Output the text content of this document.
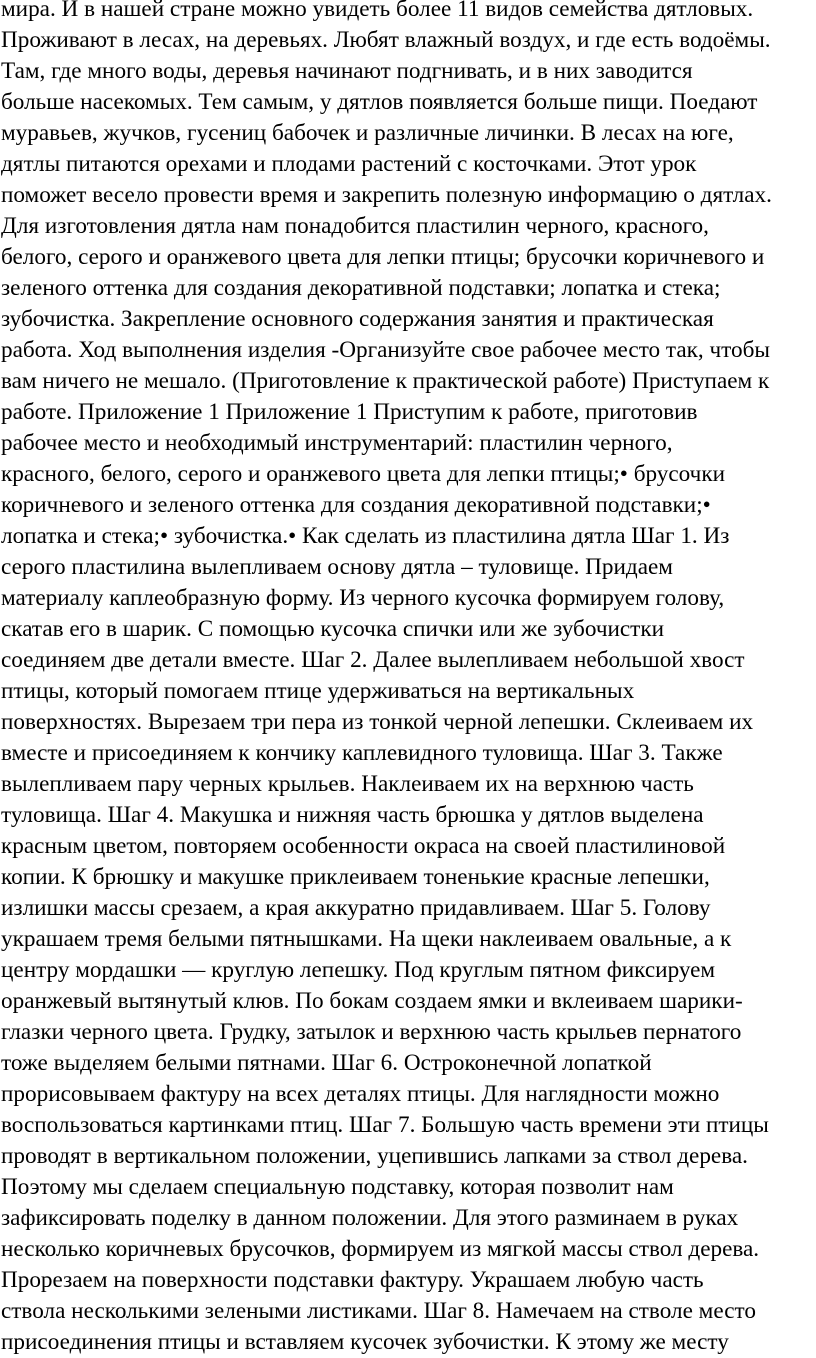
мира. И в нашей стране можно увидеть более 11 видов семейства дятловых.
Проживают в лесах, на деревьях. Любят влажный воздух, и где есть водоёмы.
Там, где много воды, деревья начинают подгнивать, и в них заводится
больше насекомых. Тем самым, у дятлов появляется больше пищи. Поедают
муравьев, жучков, гусениц бабочек и различные личинки. В лесах на юге,
дятлы питаются орехами и плодами растений с косточками. Этот урок
поможет весело провести время и закрепить полезную информацию о дятлах.
Для изготовления дятла нам понадобится пластилин черного, красного,
белого, серого и оранжевого цвета для лепки птицы; брусочки коричневого и
зеленого оттенка для создания декоративной подставки; лопатка и стека;
зубочистка. Закрепление основного содержания занятия и практическая
работа. Ход выполнения изделия -Организуйте свое рабочее место так, чтобы
вам ничего не мешало. (Приготовление к практической работе) Приступаем к
работе. Приложение 1 Приложение 1 Приступим к работе, приготовив
рабочее место и необходимый инструментарий: пластилин черного,
красного, белого, серого и оранжевого цвета для лепки птицы;• брусочки
коричневого и зеленого оттенка для создания декоративной подставки;•
лопатка и стека;• зубочистка.• Как сделать из пластилина дятла Шаг 1. Из
серого пластилина вылепливаем основу дятла – туловище. Придаем
материалу каплеобразную форму. Из черного кусочка формируем голову,
скатав его в шарик. С помощью кусочка спички или же зубочистки
соединяем две детали вместе. Шаг 2. Далее вылепливаем небольшой хвост
птицы, который помогаем птице удерживаться на вертикальных
поверхностях. Вырезаем три пера из тонкой черной лепешки. Склеиваем их
вместе и присоединяем к кончику каплевидного туловища. Шаг 3. Также
вылепливаем пару черных крыльев. Наклеиваем их на верхнюю часть
туловища. Шаг 4. Макушка и нижняя часть брюшка у дятлов выделена
красным цветом, повторяем особенности окраса на своей пластилиновой
копии. К брюшку и макушке приклеиваем тоненькие красные лепешки,
излишки массы срезаем, а края аккуратно придавливаем. Шаг 5. Голову
украшаем тремя белыми пятнышками. На щеки наклеиваем овальные, а к
центру мордашки — круглую лепешку. Под круглым пятном фиксируем
оранжевый вытянутый клюв. По бокам создаем ямки и вклеиваем шарики-
глазки черного цвета. Грудку, затылок и верхнюю часть крыльев пернатого
тоже выделяем белыми пятнами. Шаг 6. Остроконечной лопаткой
прорисовываем фактуру на всех деталях птицы. Для наглядности можно
воспользоваться картинками птиц. Шаг 7. Большую часть времени эти птицы
проводят в вертикальном положении, уцепившись лапками за ствол дерева.
Поэтому мы сделаем специальную подставку, которая позволит нам
зафиксировать поделку в данном положении. Для этого разминаем в руках
несколько коричневых брусочков, формируем из мягкой массы ствол дерева.
Прорезаем на поверхности подставки фактуру. Украшаем любую часть
ствола несколькими зелеными листиками. Шаг 8. Намечаем на стволе место
присоединения птицы и вставляем кусочек зубочистки. К этому же месту
